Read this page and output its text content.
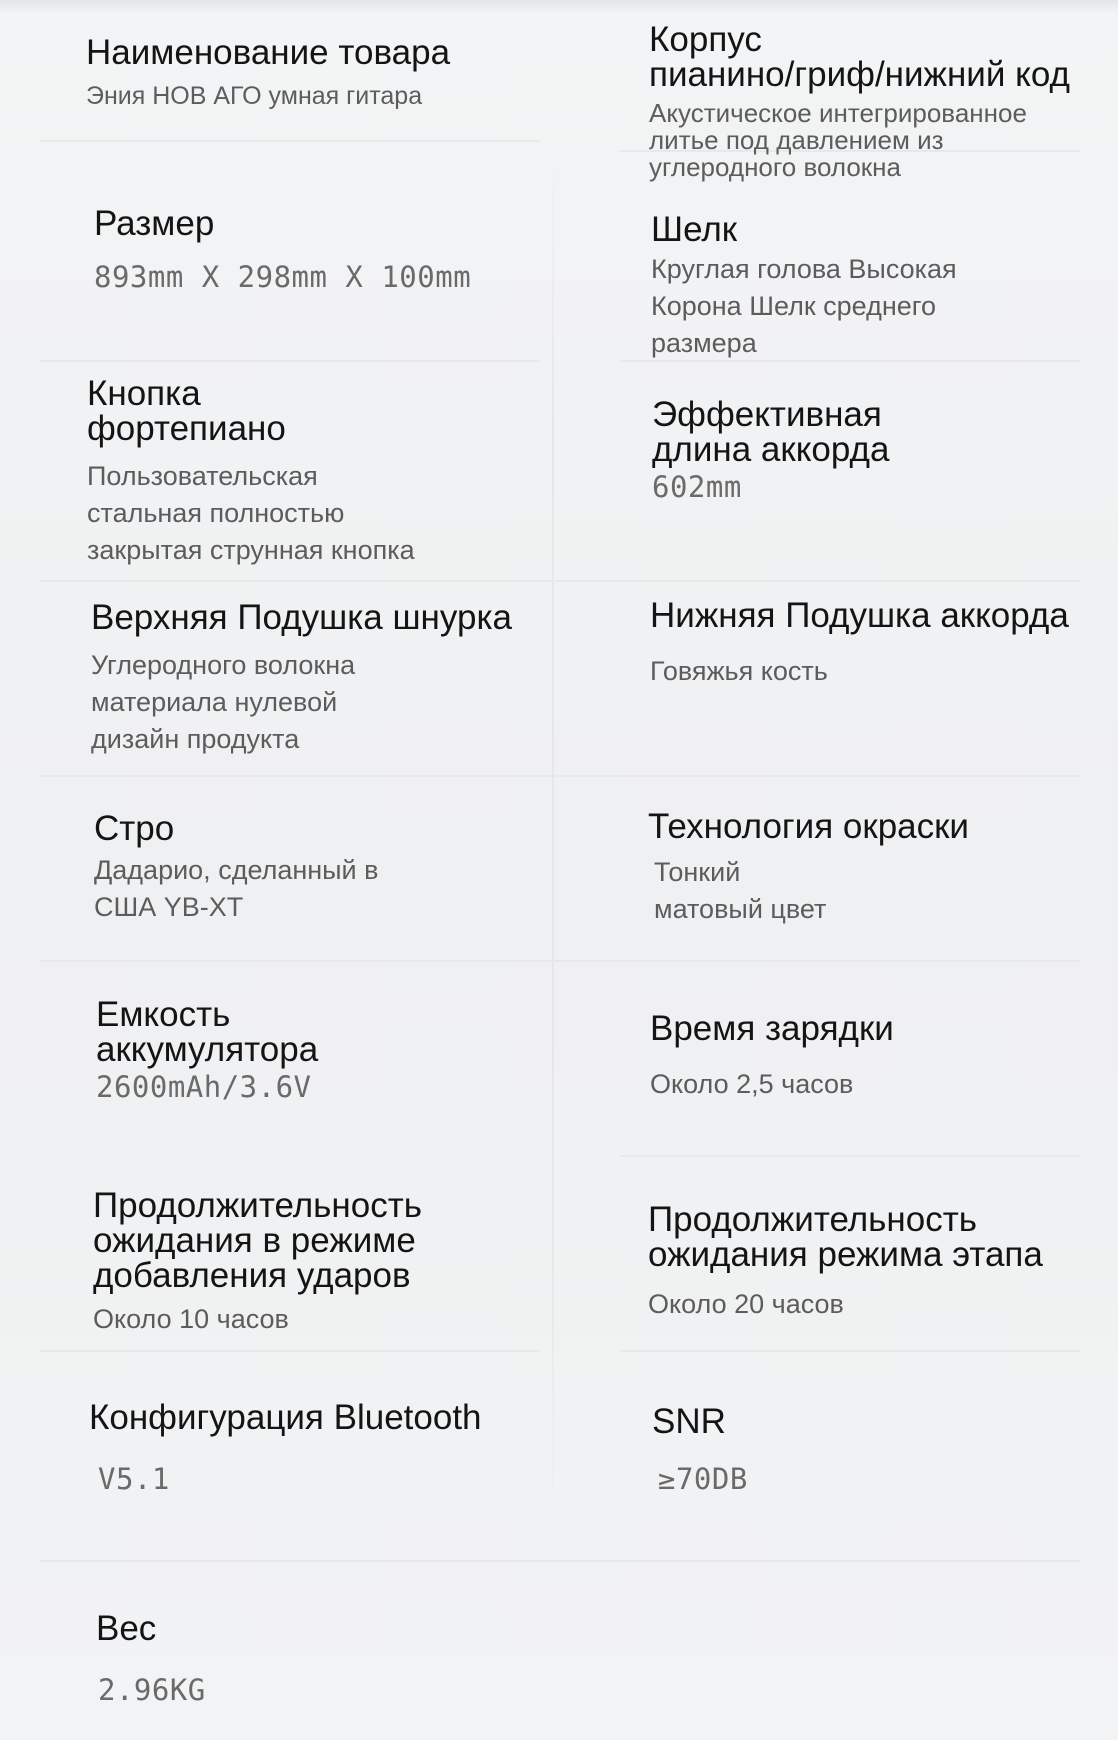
Наименование товара

Эния НОВ АГО умная гитара

Корпус
пианино/гриф/нижний код

Акустическое интегрированное
литье под давлением из
углеродного волокна

Размер

893mm X 298mm X 100mm

Шелк

Круглая голова Высокая
Корона Шелк среднего
размера

Кнопка
фортепиано

Пользовательская
стальная полностью
закрытая струнная кнопка

Эффективная
длина аккорда

602mm

Верхняя Подушка шнурка

Углеродного волокна
материала нулевой
дизайн продукта

Нижняя Подушка аккорда

Говяжья кость

Стро

Дадарио, сделанный в
США YB-XT

Технология окраски

Тонкий
матовый цвет

Емкость
аккумулятора

2600mAh/3.6V

Время зарядки

Около 2,5 часов

Продолжительность
ожидания в режиме
добавления ударов

Около 10 часов

Продолжительность
ожидания режима этапа

Около 20 часов

Конфигурация Bluetooth

V5.1

SNR

≥70DB

Вес

2.96KG
